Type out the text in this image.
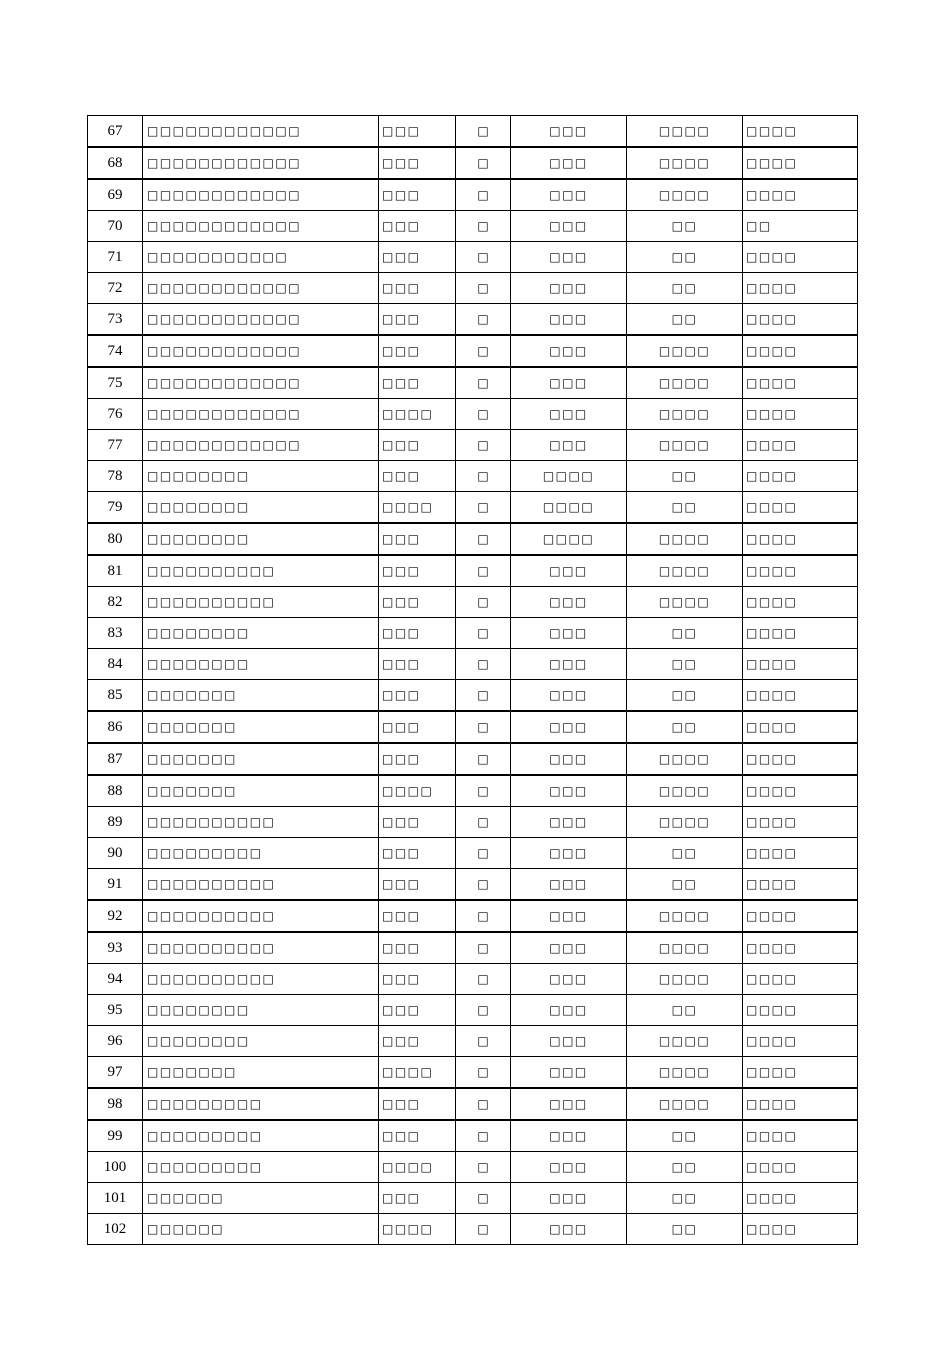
67	□□□□□□□□□□□□	□□□	□	□□□	□□□□	□□□□
68	□□□□□□□□□□□□	□□□	□	□□□	□□□□	□□□□
69	□□□□□□□□□□□□	□□□	□	□□□	□□□□	□□□□
70	□□□□□□□□□□□□	□□□	□	□□□	□□	□□
71	□□□□□□□□□□□	□□□	□	□□□	□□	□□□□
72	□□□□□□□□□□□□	□□□	□	□□□	□□	□□□□
73	□□□□□□□□□□□□	□□□	□	□□□	□□	□□□□
74	□□□□□□□□□□□□	□□□	□	□□□	□□□□	□□□□
75	□□□□□□□□□□□□	□□□	□	□□□	□□□□	□□□□
76	□□□□□□□□□□□□	□□□□	□	□□□	□□□□	□□□□
77	□□□□□□□□□□□□	□□□	□	□□□	□□□□	□□□□
78	□□□□□□□□	□□□	□	□□□□	□□	□□□□
79	□□□□□□□□	□□□□	□	□□□□	□□	□□□□
80	□□□□□□□□	□□□	□	□□□□	□□□□	□□□□
81	□□□□□□□□□□	□□□	□	□□□	□□□□	□□□□
82	□□□□□□□□□□	□□□	□	□□□	□□□□	□□□□
83	□□□□□□□□	□□□	□	□□□	□□	□□□□
84	□□□□□□□□	□□□	□	□□□	□□	□□□□
85	□□□□□□□	□□□	□	□□□	□□	□□□□
86	□□□□□□□	□□□	□	□□□	□□	□□□□
87	□□□□□□□	□□□	□	□□□	□□□□	□□□□
88	□□□□□□□	□□□□	□	□□□	□□□□	□□□□
89	□□□□□□□□□□	□□□	□	□□□	□□□□	□□□□
90	□□□□□□□□□	□□□	□	□□□	□□	□□□□
91	□□□□□□□□□□	□□□	□	□□□	□□	□□□□
92	□□□□□□□□□□	□□□	□	□□□	□□□□	□□□□
93	□□□□□□□□□□	□□□	□	□□□	□□□□	□□□□
94	□□□□□□□□□□	□□□	□	□□□	□□□□	□□□□
95	□□□□□□□□	□□□	□	□□□	□□	□□□□
96	□□□□□□□□	□□□	□	□□□	□□□□	□□□□
97	□□□□□□□	□□□□	□	□□□	□□□□	□□□□
98	□□□□□□□□□	□□□	□	□□□	□□□□	□□□□
99	□□□□□□□□□	□□□	□	□□□	□□	□□□□
100	□□□□□□□□□	□□□□	□	□□□	□□	□□□□
101	□□□□□□	□□□	□	□□□	□□	□□□□
102	□□□□□□	□□□□	□	□□□	□□	□□□□
